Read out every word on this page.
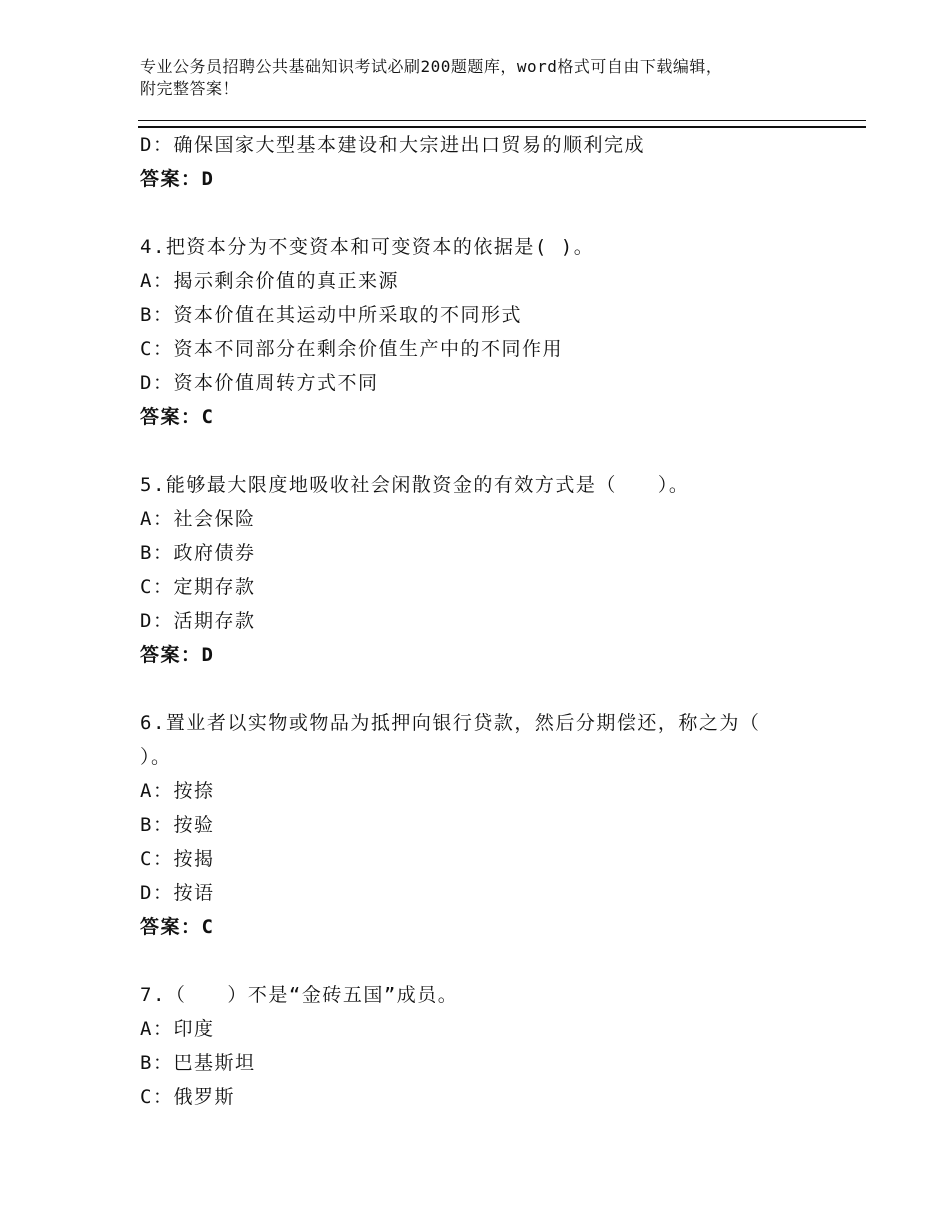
专业公务员招聘公共基础知识考试必刷200题题库，word格式可自由下载编辑，
附完整答案！
D：确保国家大型基本建设和大宗进出口贸易的顺利完成
答案：D
4.把资本分为不变资本和可变资本的依据是( )。
A：揭示剩余价值的真正来源
B：资本价值在其运动中所采取的不同形式
C：资本不同部分在剩余价值生产中的不同作用
D：资本价值周转方式不同
答案：C
5.能够最大限度地吸收社会闲散资金的有效方式是（　　）。
A：社会保险
B：政府债券
C：定期存款
D：活期存款
答案：D
6.置业者以实物或物品为抵押向银行贷款，然后分期偿还，称之为（
）。
A：按捺
B：按验
C：按揭
D：按语
答案：C
7.（　　）不是“金砖五国”成员。
A：印度
B：巴基斯坦
C：俄罗斯
